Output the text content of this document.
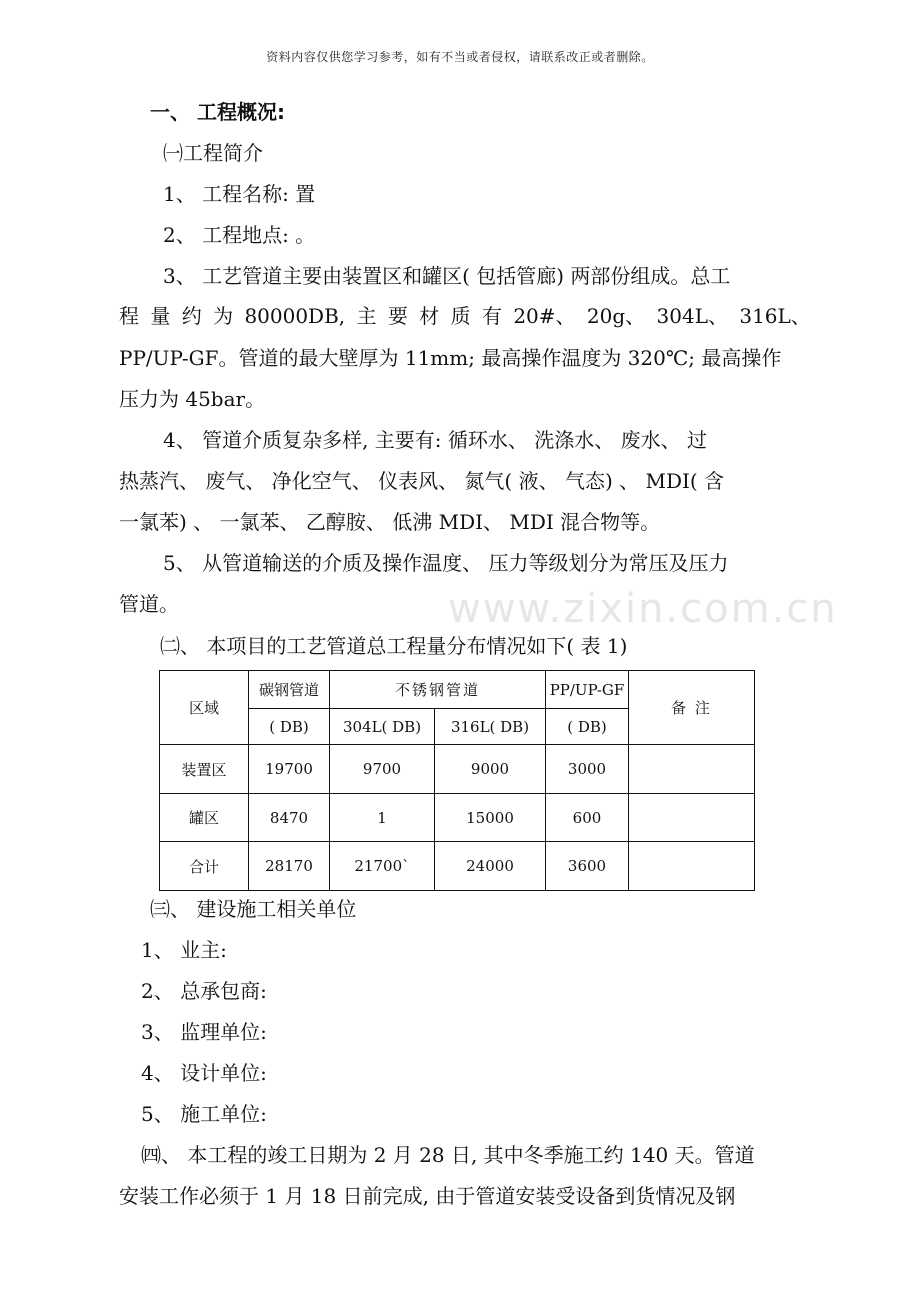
资料内容仅供您学习参考，如有不当或者侵权，请联系改正或者删除。
www.zixin.com.cn
一、 工程概况:
㈠工程简介
1、 工程名称: 置
2、 工程地点: 。
3、 工艺管道主要由装置区和罐区( 包括管廊) 两部份组成。总工
程 量 约 为 80000DB, 主 要 材 质 有 20#、 20g、 304L、 316L、
PP/UP-GF。管道的最大壁厚为 11mm; 最高操作温度为 320℃; 最高操作
压力为 45bar。
4、 管道介质复杂多样, 主要有: 循环水、 洗涤水、 废水、 过
热蒸汽、 废气、 净化空气、 仪表风、 氮气( 液、 气态) 、 MDI( 含
一氯苯) 、 一氯苯、 乙醇胺、 低沸 MDI、 MDI 混合物等。
5、 从管道输送的介质及操作温度、 压力等级划分为常压及压力
管道。
㈡、 本项目的工艺管道总工程量分布情况如下( 表 1)
区域	碳钢管道	不锈钢管道		PP/UP-GF	备 注
	( DB)	304L( DB)	316L( DB)	( DB)	
装置区	19700	9700	9000	3000	
罐区	8470	1	15000	600	
合计	28170	21700`	24000	3600	
㈢、 建设施工相关单位
1、 业主:
2、 总承包商:
3、 监理单位:
4、 设计单位:
5、 施工单位:
㈣、 本工程的竣工日期为 2 月 28 日, 其中冬季施工约 140 天。管道
安装工作必须于 1 月 18 日前完成, 由于管道安装受设备到货情况及钢
